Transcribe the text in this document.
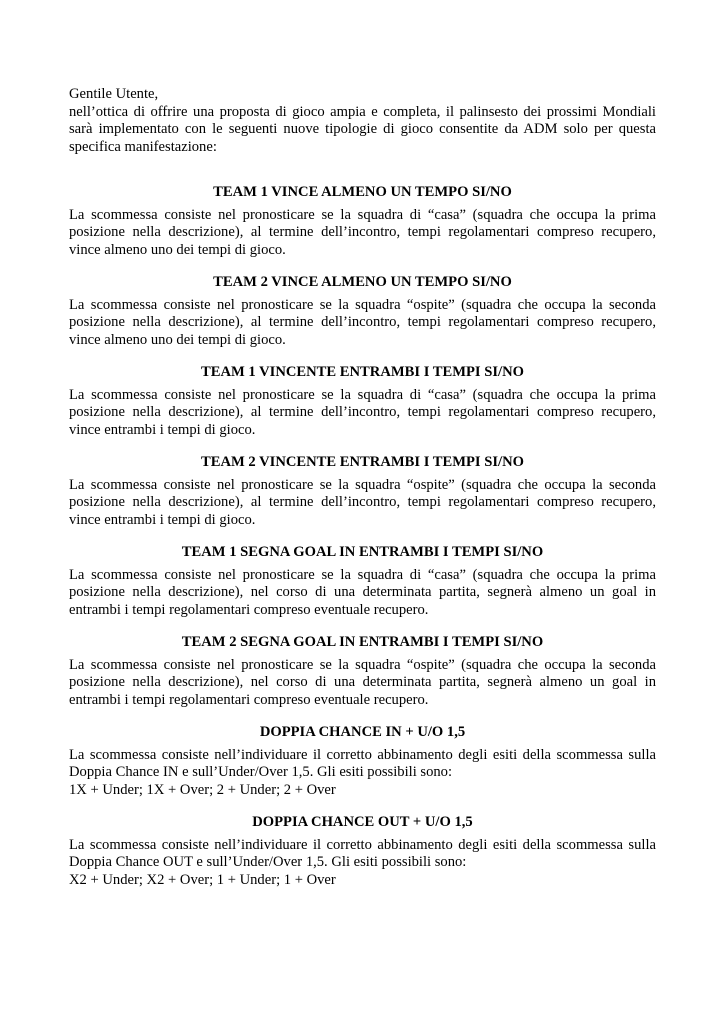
Gentile Utente,

nell’ottica di offrire una proposta di gioco ampia e completa, il palinsesto dei prossimi Mondiali sarà implementato con le seguenti nuove tipologie di gioco consentite da ADM solo per questa specifica manifestazione:

TEAM 1 VINCE ALMENO UN TEMPO SI/NO

La scommessa consiste nel pronosticare se la squadra di “casa” (squadra che occupa la prima posizione nella descrizione), al termine dell’incontro, tempi regolamentari compreso recupero, vince almeno uno dei tempi di gioco.

TEAM 2 VINCE ALMENO UN TEMPO SI/NO

La scommessa consiste nel pronosticare se la squadra “ospite” (squadra che occupa la seconda posizione nella descrizione), al termine dell’incontro, tempi regolamentari compreso recupero, vince almeno uno dei tempi di gioco.

TEAM 1 VINCENTE ENTRAMBI I TEMPI SI/NO

La scommessa consiste nel pronosticare se la squadra di “casa” (squadra che occupa la prima posizione nella descrizione), al termine dell’incontro, tempi regolamentari compreso recupero, vince entrambi i tempi di gioco.

TEAM 2 VINCENTE ENTRAMBI I TEMPI SI/NO

La scommessa consiste nel pronosticare se la squadra “ospite” (squadra che occupa la seconda posizione nella descrizione), al termine dell’incontro, tempi regolamentari compreso recupero, vince entrambi i tempi di gioco.

TEAM 1 SEGNA GOAL IN ENTRAMBI I TEMPI SI/NO

La scommessa consiste nel pronosticare se la squadra di “casa” (squadra che occupa la prima posizione nella descrizione), nel corso di una determinata partita, segnerà almeno un goal in entrambi i tempi regolamentari compreso eventuale recupero.

TEAM 2 SEGNA GOAL IN ENTRAMBI I TEMPI SI/NO

La scommessa consiste nel pronosticare se la squadra “ospite” (squadra che occupa la seconda posizione nella descrizione), nel corso di una determinata partita, segnerà almeno un goal in entrambi i tempi regolamentari compreso eventuale recupero.

DOPPIA CHANCE IN + U/O 1,5

La scommessa consiste nell’individuare il corretto abbinamento degli esiti della scommessa sulla Doppia Chance IN e sull’Under/Over 1,5. Gli esiti possibili sono:

1X + Under; 1X + Over; 2 + Under; 2 + Over

DOPPIA CHANCE OUT + U/O 1,5

La scommessa consiste nell’individuare il corretto abbinamento degli esiti della scommessa sulla Doppia Chance OUT e sull’Under/Over 1,5. Gli esiti possibili sono:

X2 + Under; X2 + Over; 1 + Under; 1 + Over
